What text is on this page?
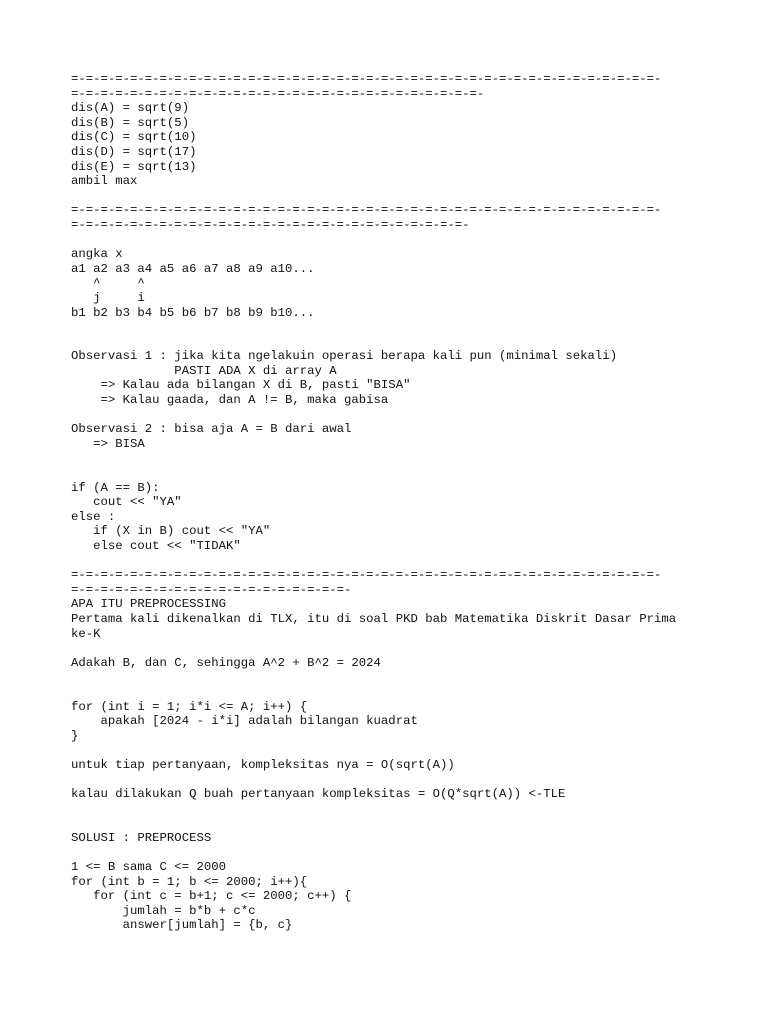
=-=-=-=-=-=-=-=-=-=-=-=-=-=-=-=-=-=-=-=-=-=-=-=-=-=-=-=-=-=-=-=-=-=-=-=-=-=-=-=-
=-=-=-=-=-=-=-=-=-=-=-=-=-=-=-=-=-=-=-=-=-=-=-=-=-=-=-=-
dis(A) = sqrt(9)
dis(B) = sqrt(5)
dis(C) = sqrt(10)
dis(D) = sqrt(17)
dis(E) = sqrt(13)
ambil max
=-=-=-=-=-=-=-=-=-=-=-=-=-=-=-=-=-=-=-=-=-=-=-=-=-=-=-=-=-=-=-=-=-=-=-=-=-=-=-=-
=-=-=-=-=-=-=-=-=-=-=-=-=-=-=-=-=-=-=-=-=-=-=-=-=-=-=-
angka x
a1 a2 a3 a4 a5 a6 a7 a8 a9 a10...
^     ^
j     i
b1 b2 b3 b4 b5 b6 b7 b8 b9 b10...
Observasi 1 : jika kita ngelakuin operasi berapa kali pun (minimal sekali)
PASTI ADA X di array A
=> Kalau ada bilangan X di B, pasti "BISA"
=> Kalau gaada, dan A != B, maka gabisa
Observasi 2 : bisa aja A = B dari awal
=> BISA
if (A == B):
cout << "YA"
else :
if (X in B) cout << "YA"
else cout << "TIDAK"
=-=-=-=-=-=-=-=-=-=-=-=-=-=-=-=-=-=-=-=-=-=-=-=-=-=-=-=-=-=-=-=-=-=-=-=-=-=-=-=-
=-=-=-=-=-=-=-=-=-=-=-=-=-=-=-=-=-=-=-
APA ITU PREPROCESSING
Pertama kali dikenalkan di TLX, itu di soal PKD bab Matematika Diskrit Dasar Prima
ke-K
Adakah B, dan C, sehingga A^2 + B^2 = 2024
for (int i = 1; i*i <= A; i++) {
apakah [2024 - i*i] adalah bilangan kuadrat
}
untuk tiap pertanyaan, kompleksitas nya = O(sqrt(A))
kalau dilakukan Q buah pertanyaan kompleksitas = O(Q*sqrt(A)) <-TLE
SOLUSI : PREPROCESS
1 <= B sama C <= 2000
for (int b = 1; b <= 2000; i++){
for (int c = b+1; c <= 2000; c++) {
jumlah = b*b + c*c
answer[jumlah] = {b, c}
